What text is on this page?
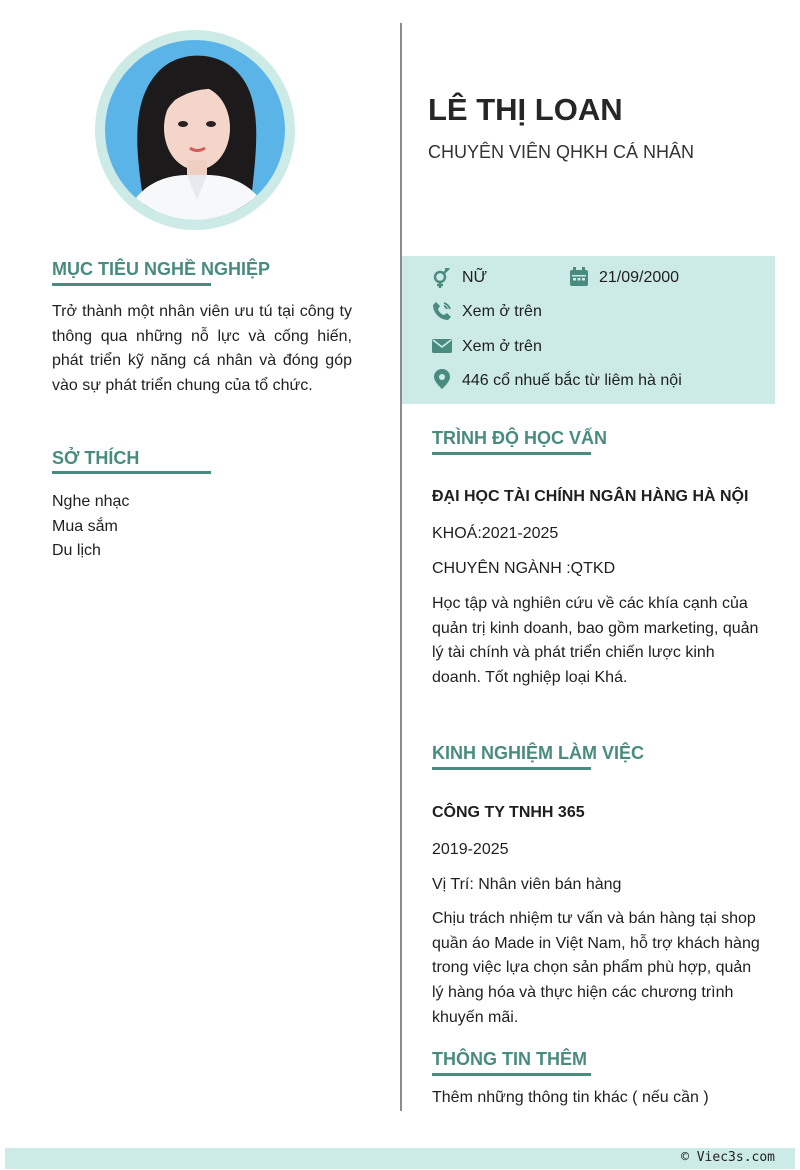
MỤC TIÊU NGHỀ NGHIỆP

Trở thành một nhân viên ưu tú tại công ty thông qua những nỗ lực và cống hiến, phát triển kỹ năng cá nhân và đóng góp vào sự phát triển chung của tổ chức.

SỞ THÍCH

Nghe nhạc

Mua sắm

Du lịch

LÊ THỊ LOAN

CHUYÊN VIÊN QHKH CÁ NHÂN

NỮ	21/09/2000
Xem ở trên
Xem ở trên
446 cổ nhuế bắc từ liêm hà nội
TRÌNH ĐỘ HỌC VẤN

ĐẠI HỌC TÀI CHÍNH NGÂN HÀNG HÀ NỘI

KHOÁ:2021-2025

CHUYÊN NGÀNH :QTKD

Học tập và nghiên cứu về các khía cạnh của quản trị kinh doanh, bao gồm marketing, quản lý tài chính và phát triển chiến lược kinh doanh. Tốt nghiệp loại Khá.

KINH NGHIỆM LÀM VIỆC

CÔNG TY TNHH 365

2019-2025

Vị Trí: Nhân viên bán hàng

Chịu trách nhiệm tư vấn và bán hàng tại shop quần áo Made in Việt Nam, hỗ trợ khách hàng trong việc lựa chọn sản phẩm phù hợp, quản lý hàng hóa và thực hiện các chương trình khuyến mãi.

THÔNG TIN THÊM

Thêm những thông tin khác ( nếu cần )

© Viec3s.com
